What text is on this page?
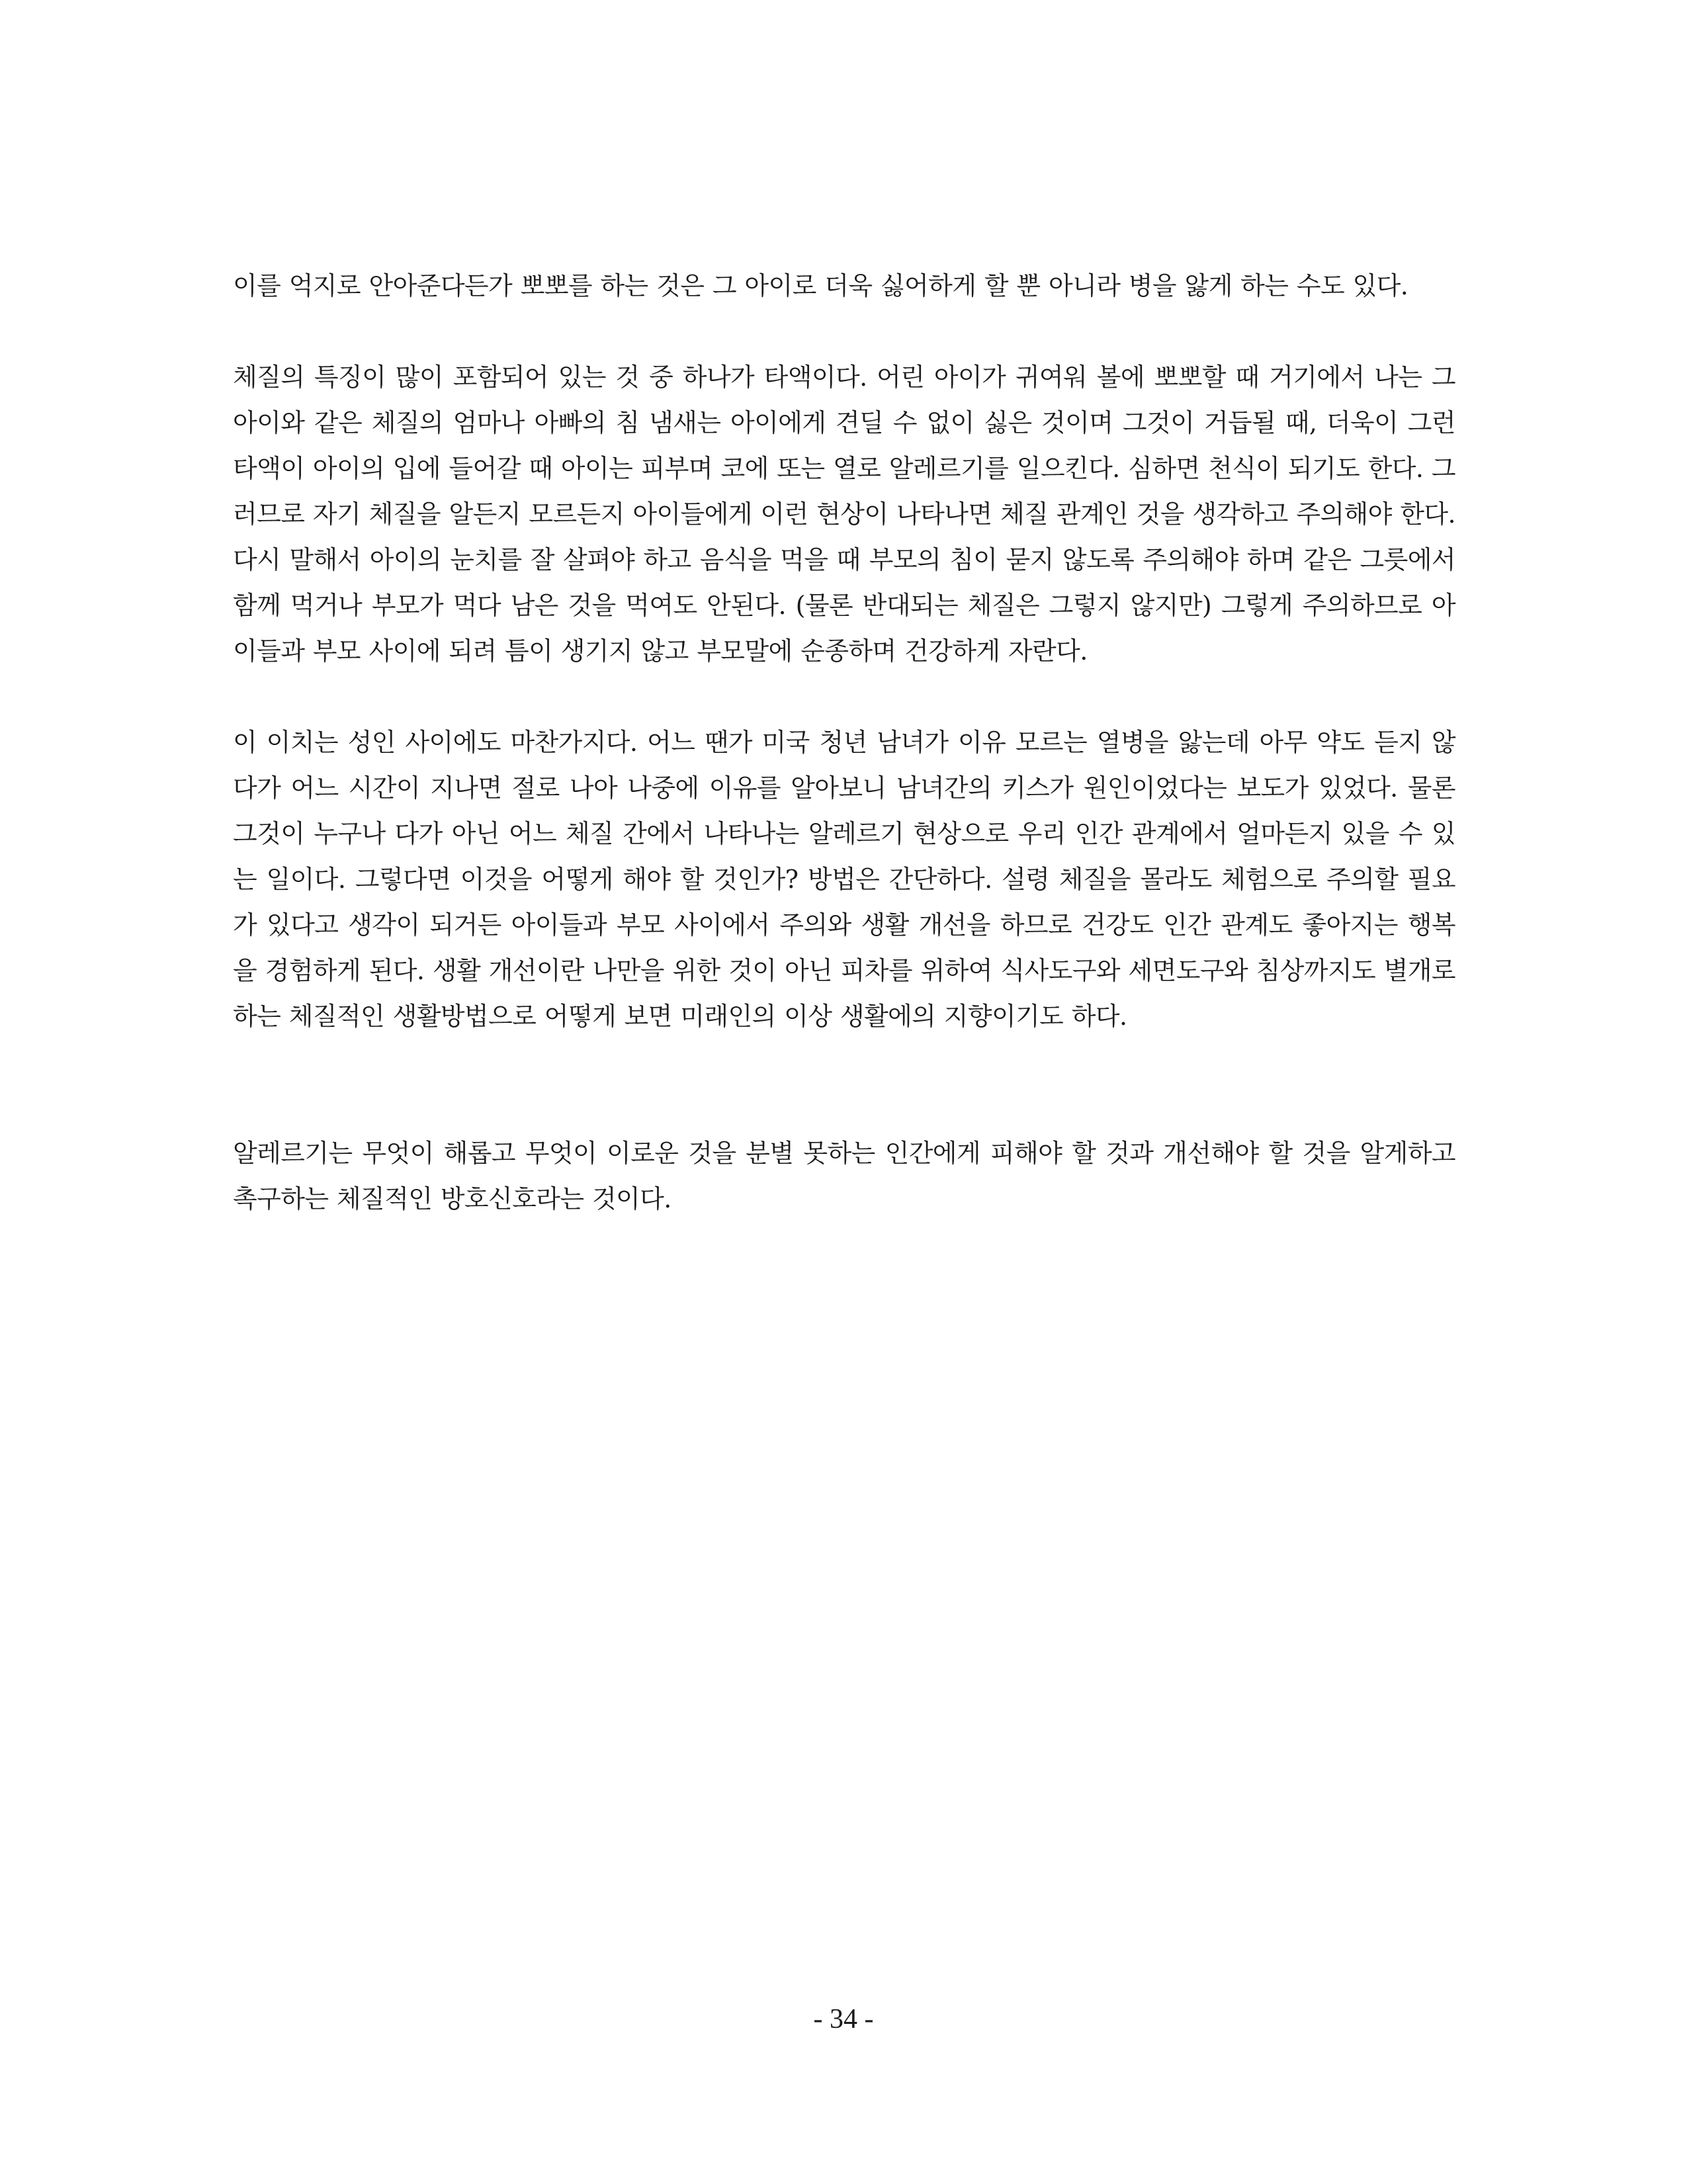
이를 억지로 안아준다든가 뽀뽀를 하는 것은 그 아이로 더욱 싫어하게 할 뿐 아니라 병을 앓게 하는 수도 있다.

체질의 특징이 많이 포함되어 있는 것 중 하나가 타액이다. 어린 아이가 귀여워 볼에 뽀뽀할 때 거기에서 나는 그 아이와 같은 체질의 엄마나 아빠의 침 냄새는 아이에게 견딜 수 없이 싫은 것이며 그것이 거듭될 때, 더욱이 그런 타액이 아이의 입에 들어갈 때 아이는 피부며 코에 또는 열로 알레르기를 일으킨다. 심하면 천식이 되기도 한다. 그러므로 자기 체질을 알든지 모르든지 아이들에게 이런 현상이 나타나면 체질 관계인 것을 생각하고 주의해야 한다. 다시 말해서 아이의 눈치를 잘 살펴야 하고 음식을 먹을 때 부모의 침이 묻지 않도록 주의해야 하며 같은 그릇에서 함께 먹거나 부모가 먹다 남은 것을 먹여도 안된다. (물론 반대되는 체질은 그렇지 않지만) 그렇게 주의하므로 아이들과 부모 사이에 되려 틈이 생기지 않고 부모말에 순종하며 건강하게 자란다.

이 이치는 성인 사이에도 마찬가지다. 어느 땐가 미국 청년 남녀가 이유 모르는 열병을 앓는데 아무 약도 듣지 않다가 어느 시간이 지나면 절로 나아 나중에 이유를 알아보니 남녀간의 키스가 원인이었다는 보도가 있었다. 물론 그것이 누구나 다가 아닌 어느 체질 간에서 나타나는 알레르기 현상으로 우리 인간 관계에서 얼마든지 있을 수 있는 일이다. 그렇다면 이것을 어떻게 해야 할 것인가? 방법은 간단하다. 설령 체질을 몰라도 체험으로 주의할 필요가 있다고 생각이 되거든 아이들과 부모 사이에서 주의와 생활 개선을 하므로 건강도 인간 관계도 좋아지는 행복을 경험하게 된다. 생활 개선이란 나만을 위한 것이 아닌 피차를 위하여 식사도구와 세면도구와 침상까지도 별개로 하는 체질적인 생활방법으로 어떻게 보면 미래인의 이상 생활에의 지향이기도 하다.

알레르기는 무엇이 해롭고 무엇이 이로운 것을 분별 못하는 인간에게 피해야 할 것과 개선해야 할 것을 알게하고 촉구하는 체질적인 방호신호라는 것이다.

- 34 -
